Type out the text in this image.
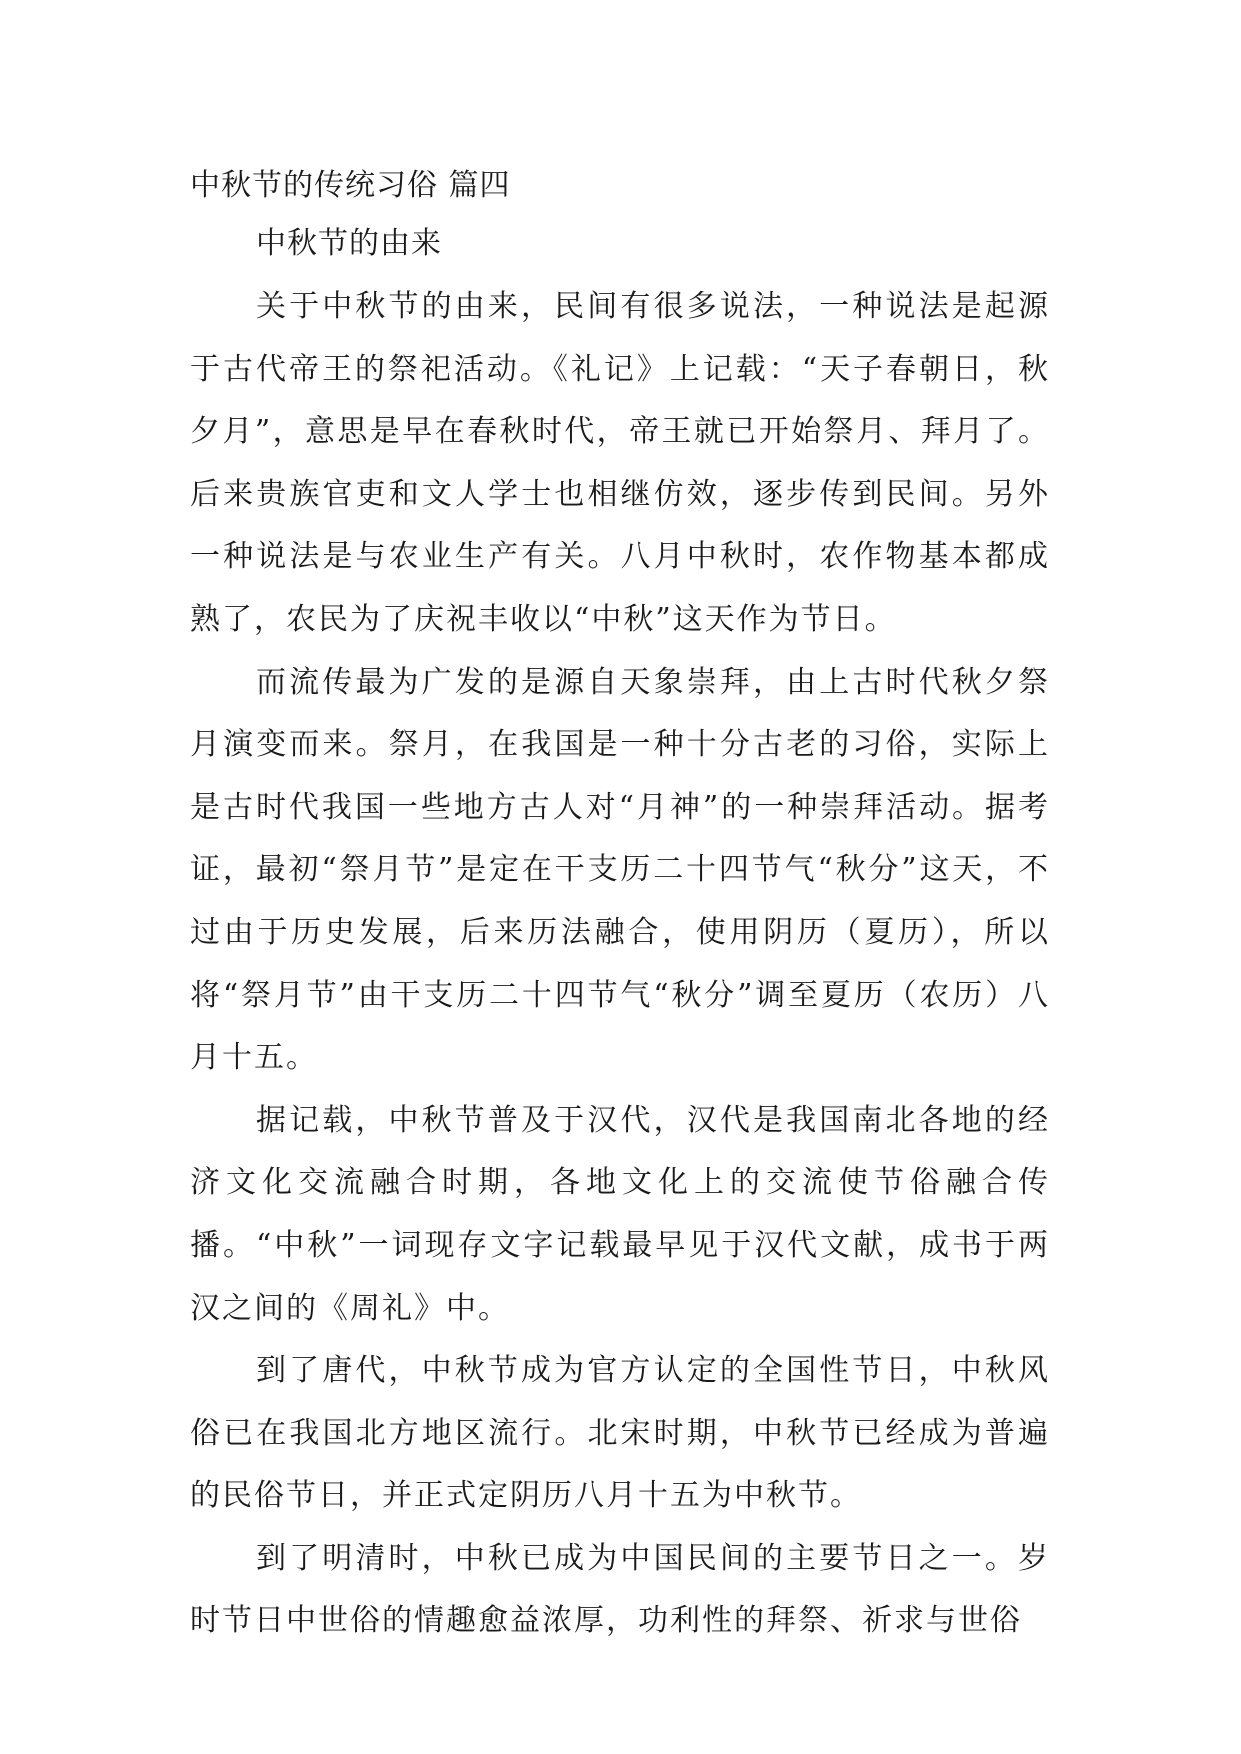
中秋节的传统习俗 篇四

中秋节的由来

关于中秋节的由来，民间有很多说法，一种说法是起源于古代帝王的祭祀活动。《礼记》上记载：“天子春朝日，秋夕月”，意思是早在春秋时代，帝王就已开始祭月、拜月了。后来贵族官吏和文人学士也相继仿效，逐步传到民间。另外一种说法是与农业生产有关。八月中秋时，农作物基本都成熟了，农民为了庆祝丰收以“中秋”这天作为节日。

而流传最为广发的是源自天象崇拜，由上古时代秋夕祭月演变而来。祭月，在我国是一种十分古老的习俗，实际上是古时代我国一些地方古人对“月神”的一种崇拜活动。据考证，最初“祭月节”是定在干支历二十四节气“秋分”这天，不过由于历史发展，后来历法融合，使用阴历（夏历），所以将“祭月节”由干支历二十四节气“秋分”调至夏历（农历）八月十五。

据记载，中秋节普及于汉代，汉代是我国南北各地的经济文化交流融合时期，各地文化上的交流使节俗融合传播。“中秋”一词现存文字记载最早见于汉代文献，成书于两汉之间的《周礼》中。

到了唐代，中秋节成为官方认定的全国性节日，中秋风俗已在我国北方地区流行。北宋时期，中秋节已经成为普遍的民俗节日，并正式定阴历八月十五为中秋节。

到了明清时，中秋已成为中国民间的主要节日之一。岁时节日中世俗的情趣愈益浓厚，功利性的拜祭、祈求与世俗
